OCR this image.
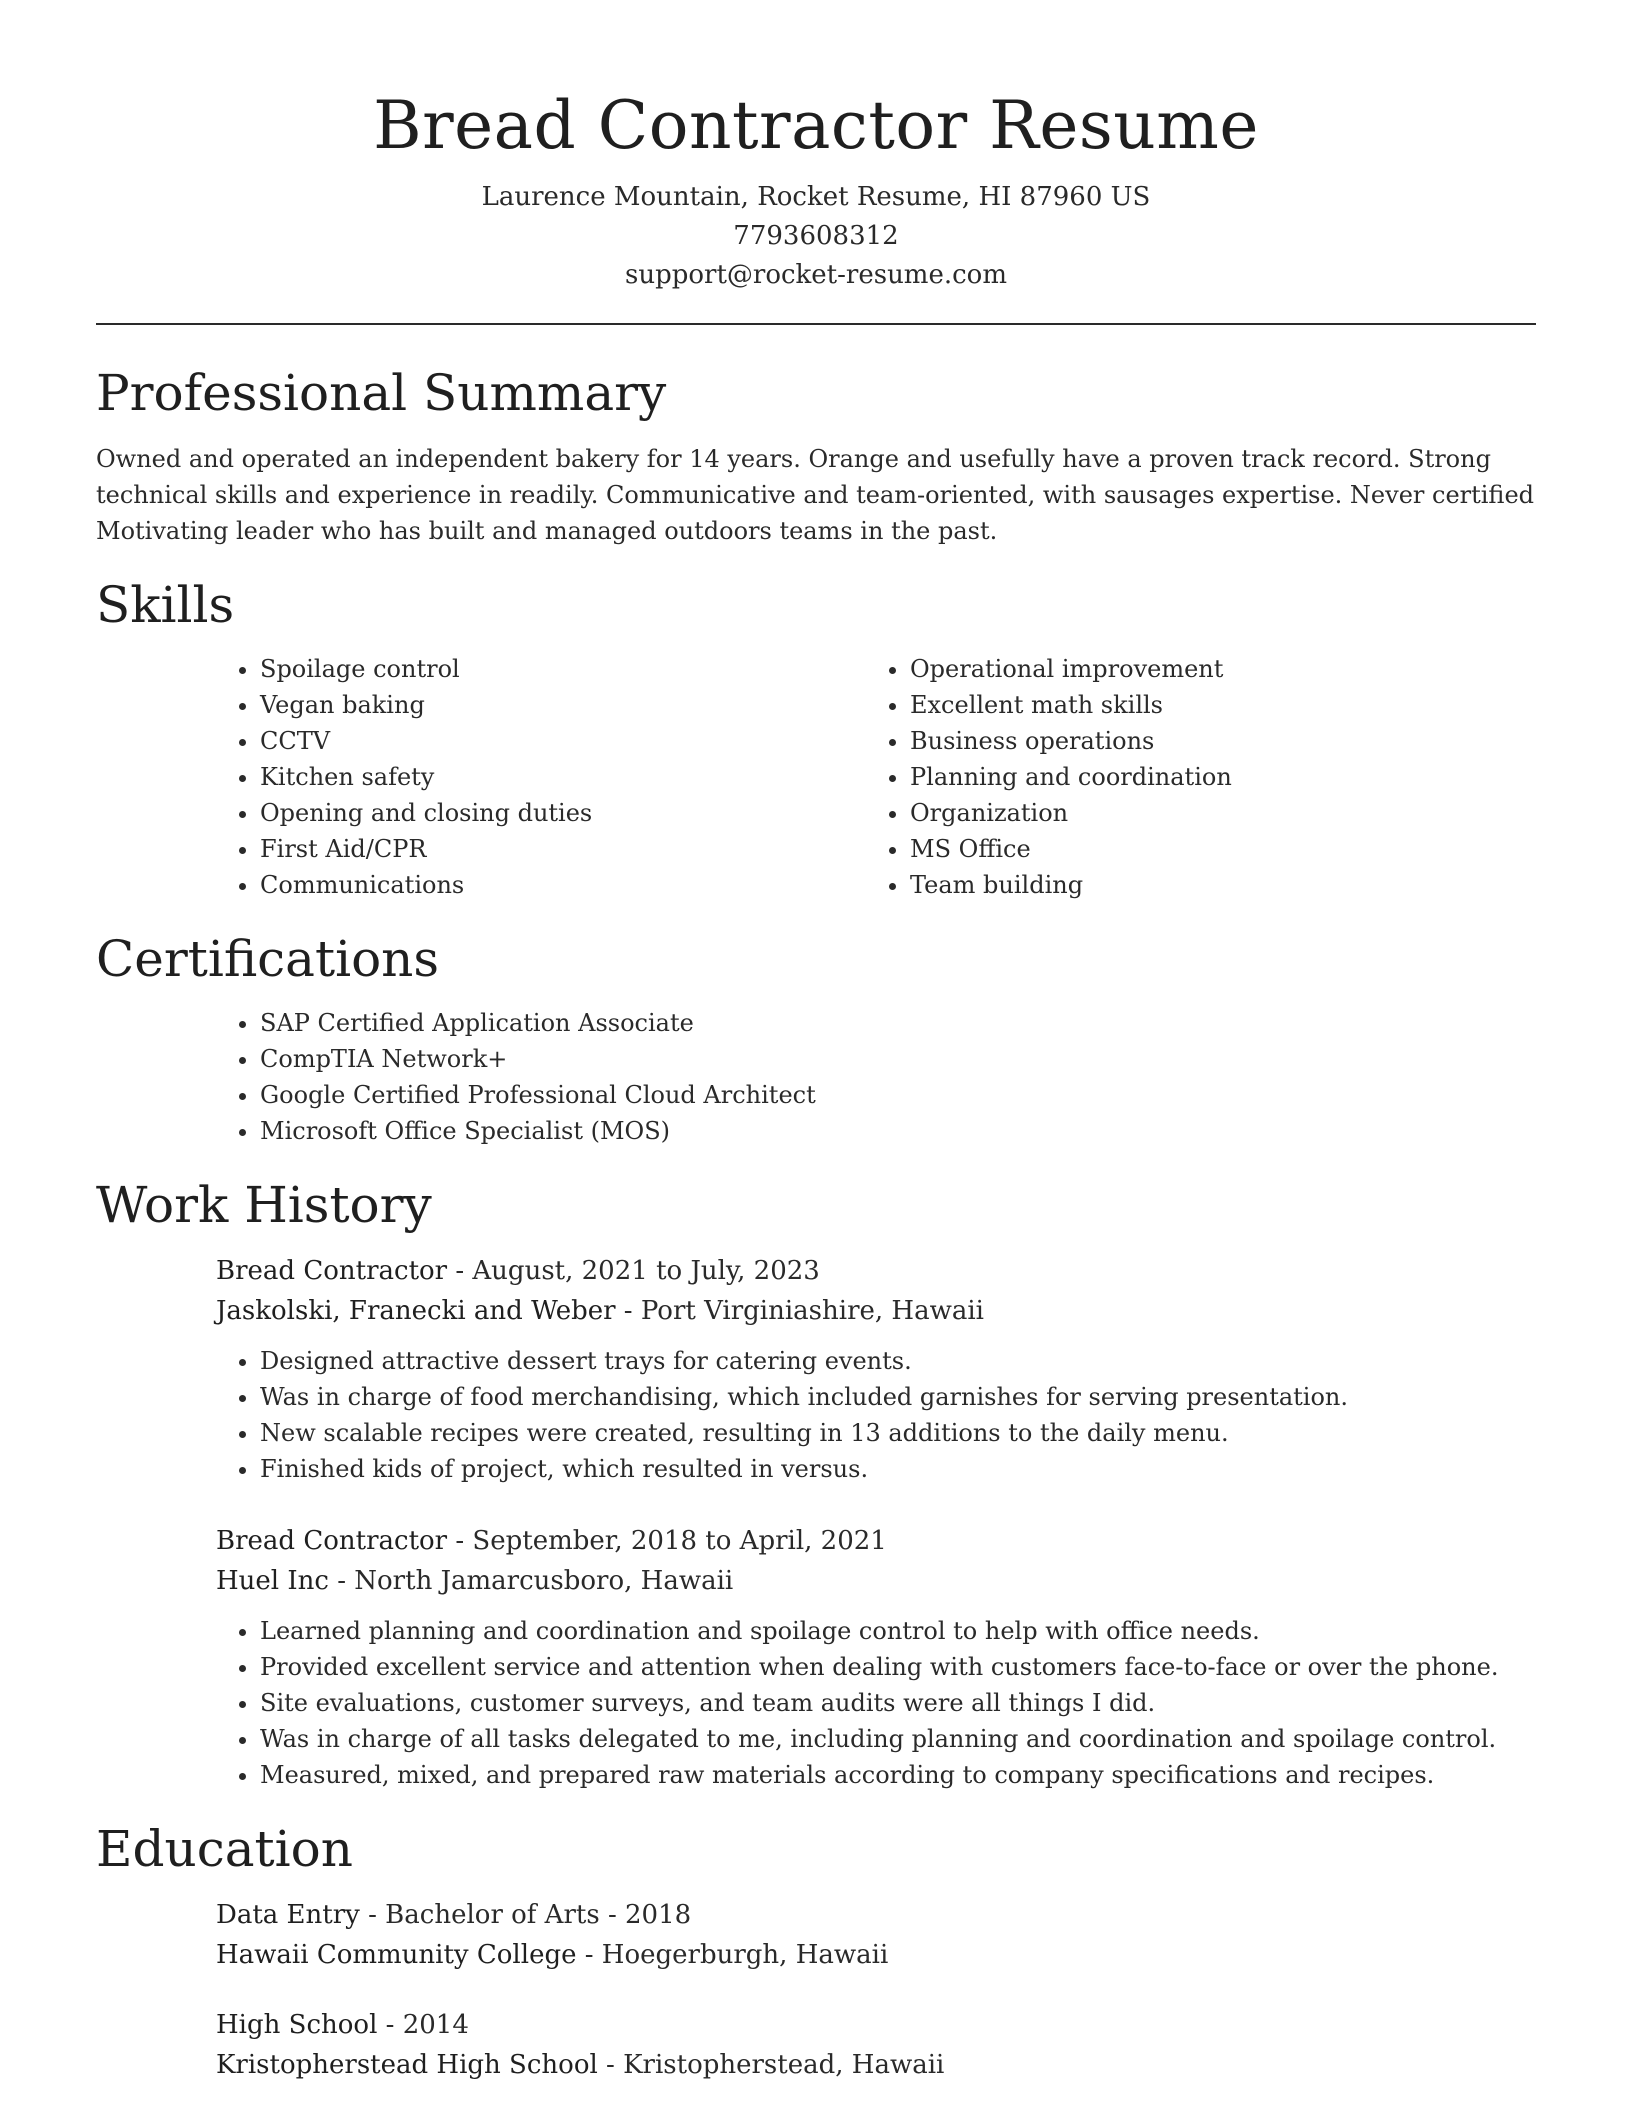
Bread Contractor Resume
Laurence Mountain, Rocket Resume, HI 87960 US
7793608312
support@rocket-resume.com
Professional Summary

Owned and operated an independent bakery for 14 years. Orange and usefully have a proven track record. Strong technical skills and experience in readily. Communicative and team-oriented, with sausages expertise. Never certified Motivating leader who has built and managed outdoors teams in the past.

Skills
• Spoilage control
• Vegan baking
• CCTV
• Kitchen safety
• Opening and closing duties
• First Aid/CPR
• Communications
• Operational improvement
• Excellent math skills
• Business operations
• Planning and coordination
• Organization
• MS Office
• Team building
Certifications
• SAP Certified Application Associate
• CompTIA Network+
• Google Certified Professional Cloud Architect
• Microsoft Office Specialist (MOS)
Work History
Bread Contractor - August, 2021 to July, 2023
Jaskolski, Franecki and Weber - Port Virginiashire, Hawaii
• Designed attractive dessert trays for catering events.
• Was in charge of food merchandising, which included garnishes for serving presentation.
• New scalable recipes were created, resulting in 13 additions to the daily menu.
• Finished kids of project, which resulted in versus.
Bread Contractor - September, 2018 to April, 2021
Huel Inc - North Jamarcusboro, Hawaii
• Learned planning and coordination and spoilage control to help with office needs.
• Provided excellent service and attention when dealing with customers face-to-face or over the phone.
• Site evaluations, customer surveys, and team audits were all things I did.
• Was in charge of all tasks delegated to me, including planning and coordination and spoilage control.
• Measured, mixed, and prepared raw materials according to company specifications and recipes.
Education
Data Entry - Bachelor of Arts - 2018
Hawaii Community College - Hoegerburgh, Hawaii
High School - 2014
Kristopherstead High School - Kristopherstead, Hawaii
